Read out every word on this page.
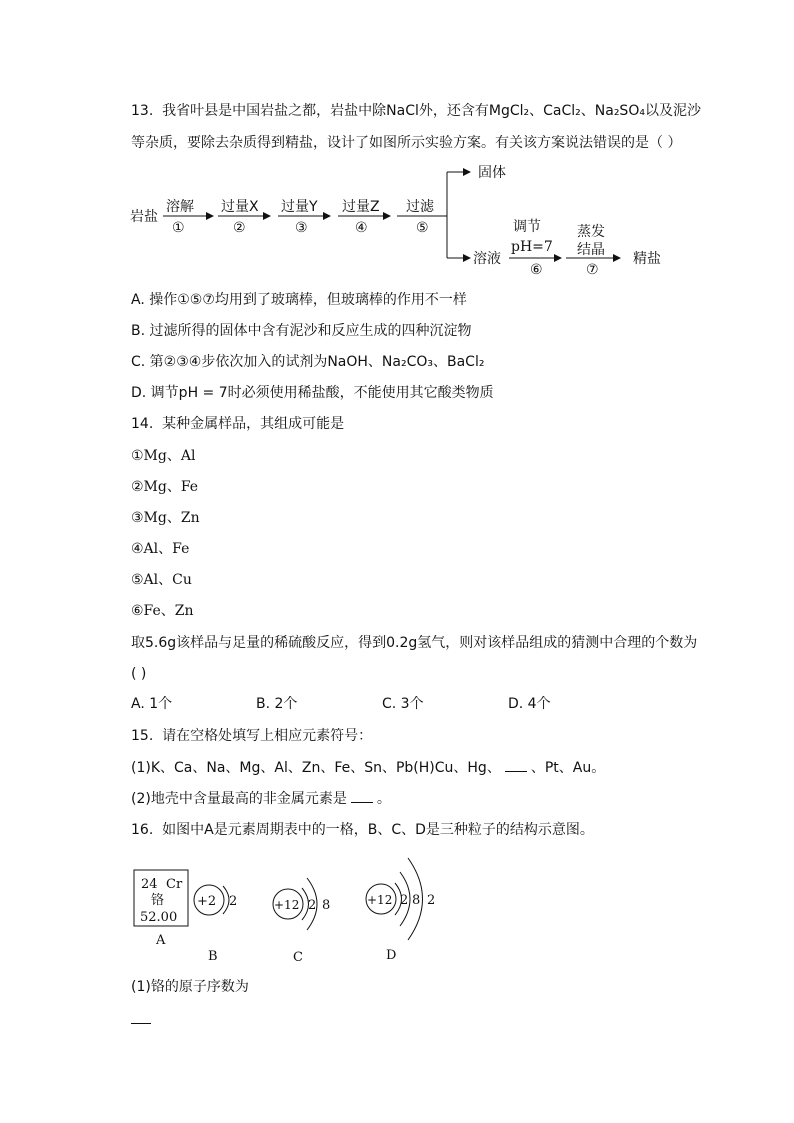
13. 我省叶县是中国岩盐之都，岩盐中除NaCl外，还含有MgCl₂、CaCl₂、Na₂SO₄以及泥沙
等杂质，要除去杂质得到精盐，设计了如图所示实验方案。有关该方案说法错误的是（ ）
岩盐
溶解
①
过量X
②
过量Y
③
过量Z
④
过滤
⑤
固体
溶液
调节
pH=7
⑥
蒸发
结晶
⑦
精盐
A. 操作①⑤⑦均用到了玻璃棒，但玻璃棒的作用不一样
B. 过滤所得的固体中含有泥沙和反应生成的四种沉淀物
C. 第②③④步依次加入的试剂为NaOH、Na₂CO₃、BaCl₂
D. 调节pH = 7时必须使用稀盐酸，不能使用其它酸类物质
14. 某种金属样品，其组成可能是
①Mg、Al
②Mg、Fe
③Mg、Zn
④Al、Fe
⑤Al、Cu
⑥Fe、Zn
取5.6g该样品与足量的稀硫酸反应，得到0.2g氢气，则对该样品组成的猜测中合理的个数为
( )
A. 1个	B. 2个	C. 3个	D. 4个
15. 请在空格处填写上相应元素符号：
(1)K、Ca、Na、Mg、Al、Zn、Fe、Sn、Pb(H)Cu、Hg、 、Pt、Au。
(2)地壳中含量最高的非金属元素是 。
16. 如图中A是元素周期表中的一格，B、C、D是三种粒子的结构示意图。
24 Cr
铬
52.00
A
+2 2
B
+12 2 8
C
+12 2 8 2
D
(1)铬的原子序数为
